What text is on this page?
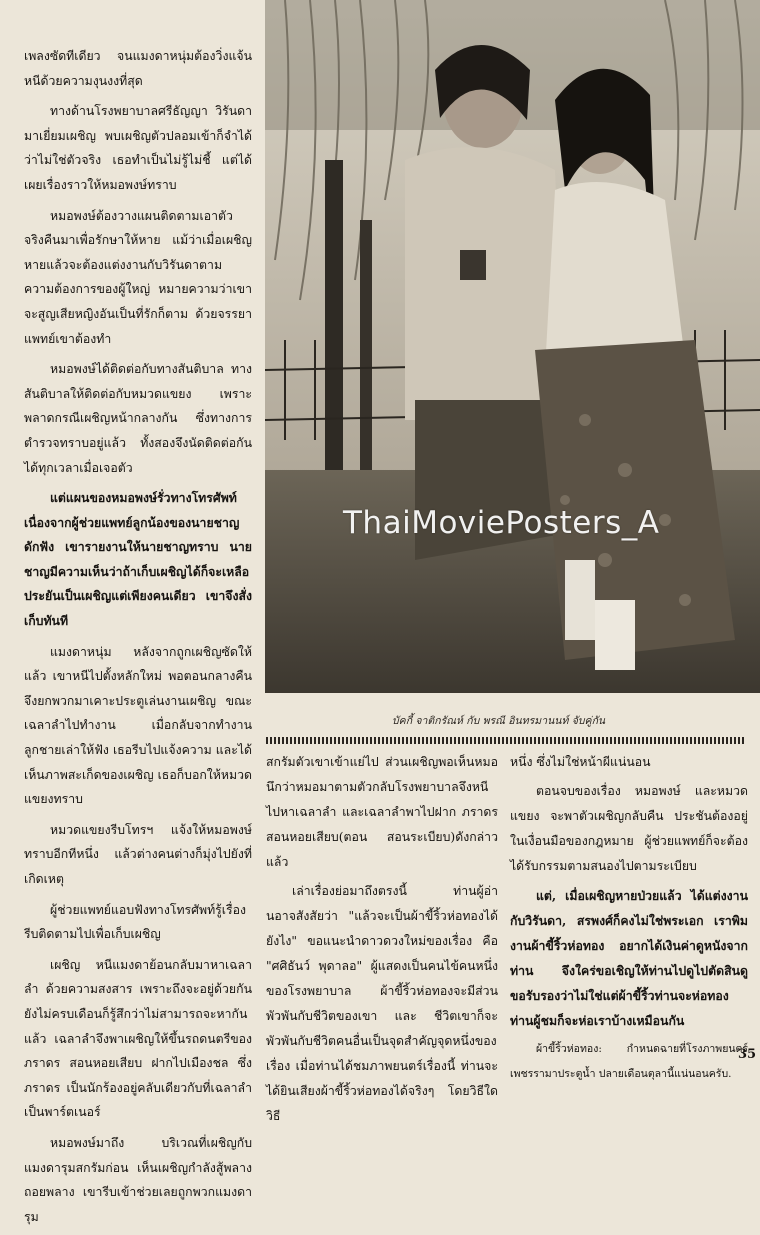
เพลงซัดทีเดียว จนแมงดาหนุ่มต้องวิ่งแจ้นหนีด้วยความงุนงงที่สุด

ทางด้านโรงพยาบาลศรีธัญญา วิรันดามาเยี่ยมเผชิญ พบเผชิญตัวปลอมเข้าก็จำได้ว่าไม่ใช่ตัวจริง เธอทำเป็นไม่รู้ไม่ชี้ แต่ได้เผยเรื่องราวให้หมอพงษ์ทราบ

หมอพงษ์ต้องวางแผนติดตามเอาตัวจริงคืนมาเพื่อรักษาให้หาย แม้ว่าเมื่อเผชิญหายแล้วจะต้องแต่งงานกับวิรันดาตามความต้องการของผู้ใหญ่ หมายความว่าเขาจะสูญเสียหญิงอันเป็นที่รักก็ตาม ด้วยจรรยาแพทย์เขาต้องทำ

หมอพงษ์ได้ติดต่อกับทางสันติบาล ทางสันติบาลให้ติดต่อกับหมวดแขยง เพราะพลาดกรณีเผชิญหน้ากลางกัน ซึ่งทางการตำรวจทราบอยู่แล้ว ทั้งสองจึงนัดติดต่อกันได้ทุกเวลาเมื่อเจอตัว

แต่แผนของหมอพงษ์รั่วทางโทรศัพท์ เนื่องจากผู้ช่วยแพทย์ลูกน้องของนายชาญดักฟัง เขารายงานให้นายชาญทราบ นายชาญมีความเห็นว่าถ้าเก็บเผชิญได้ก็จะเหลือประยันเป็นเผชิญแต่เพียงคนเดียว เขาจึงสั่งเก็บทันที

แมงดาหนุ่ม หลังจากถูกเผชิญซัดให้แล้ว เขาหนีไปตั้งหลักใหม่ พอตอนกลางคืนจึงยกพวกมาเคาะประตูเล่นงานเผชิญ ขณะเฉลาลำไปทำงาน เมื่อกลับจากทำงานลูกชายเล่าให้ฟัง เธอรีบไปแจ้งความ และได้เห็นภาพสะเก็ดของเผชิญ เธอก็บอกให้หมวดแขยงทราบ

หมวดแขยงรีบโทรฯ แจ้งให้หมอพงษ์ทราบอีกทีหนึ่ง แล้วต่างคนต่างก็มุ่งไปยังที่เกิดเหตุ

ผู้ช่วยแพทย์แอบฟังทางโทรศัพท์รู้เรื่อง รีบติดตามไปเพื่อเก็บเผชิญ

เผชิญ หนีแมงดาย้อนกลับมาหาเฉลาลำ ด้วยความสงสาร เพราะถึงจะอยู่ด้วยกัน ยังไม่ครบเดือนก็รู้สึกว่าไม่สามารถจะหากันแล้ว เฉลาลำจึงพาเผชิญให้ขึ้นรถดนตรีของภราดร สอนหอยเสียบ ฝากไปเมืองชล ซึ่งภราดร เป็นนักร้องอยู่คลับเดียวกับที่เฉลาลำเป็นพาร์ตเนอร์

หมอพงษ์มาถึง บริเวณที่เผชิญกับแมงดารุมสกรัมก่อน เห็นเผชิญกำลังสู้พลางถอยพลาง เขารีบเข้าช่วยเลยถูกพวกแมงดารุม

ThaiMoviePosters_A
บัคกี้ จาติกรัณห์ กับ พรณี อินทรมานนท์ จับคู่กัน

สกรัมตัวเขาเข้าแย่ไป ส่วนเผชิญพอเห็นหมอนึกว่าหมอมาตามตัวกลับโรงพยาบาลจึงหนีไปหาเฉลาลำ และเฉลาลำพาไปฝาก ภราดร สอนหอยเสียบ(ตอน สอนระเบียบ)ดังกล่าวแล้ว

เล่าเรื่องย่อมาถึงตรงนี้ ท่านผู้อ่านอาจสังสัยว่า "แล้วจะเป็นผ้าขี้ริ้วห่อทองได้ยังไง" ขอแนะนำดาวดวงใหม่ของเรื่อง คือ "ศศิธันว์ พุดาลอ" ผู้แสดงเป็นคนไข้คนหนึ่งของโรงพยาบาล ผ้าขี้ริ้วห่อทองจะมีส่วนพัวพันกับชีวิตของเขา และ ชีวิตเขาก็จะพัวพันกับชีวิตคนอื่นเป็นจุดสำคัญจุดหนึ่งของเรื่อง เมื่อท่านได้ชมภาพยนตร์เรื่องนี้ ท่านจะได้ยินเสียงผ้าขี้ริ้วห่อทองได้จริงๆ โดยวิธีใดวิธี

หนึ่ง ซึ่งไม่ใช่หน้าผีแน่นอน

ตอนจบของเรื่อง หมอพงษ์ และหมวดแขยง จะพาตัวเผชิญกลับคืน ประชันต้องอยู่ในเงื่อนมือของกฎหมาย ผู้ช่วยแพทย์ก็จะต้องได้รับกรรมตามสนองไปตามระเบียบ

แต่, เมื่อเผชิญหายป่วยแล้ว ได้แต่งงานกับวิรันดา, สรพงศ์ก็คงไม่ใช่พระเอก เราพิมงานผ้าขี้ริ้วห่อทอง อยากได้เงินค่าดูหนังจากท่าน จึงใคร่ขอเชิญให้ท่านไปดูไปตัดสินดู ขอรับรองว่าไม่ใช่แต่ผ้าขี้ริ้วท่านจะห่อทอง ท่านผู้ชมก็จะห่อเราบ้างเหมือนกัน

ผ้าขี้ริ้วห่อทอง: กำหนดฉายที่โรงภาพยนตร์เพชรรามาประตูน้ำ ปลายเดือนตุลานี้แน่นอนครับ.

35
